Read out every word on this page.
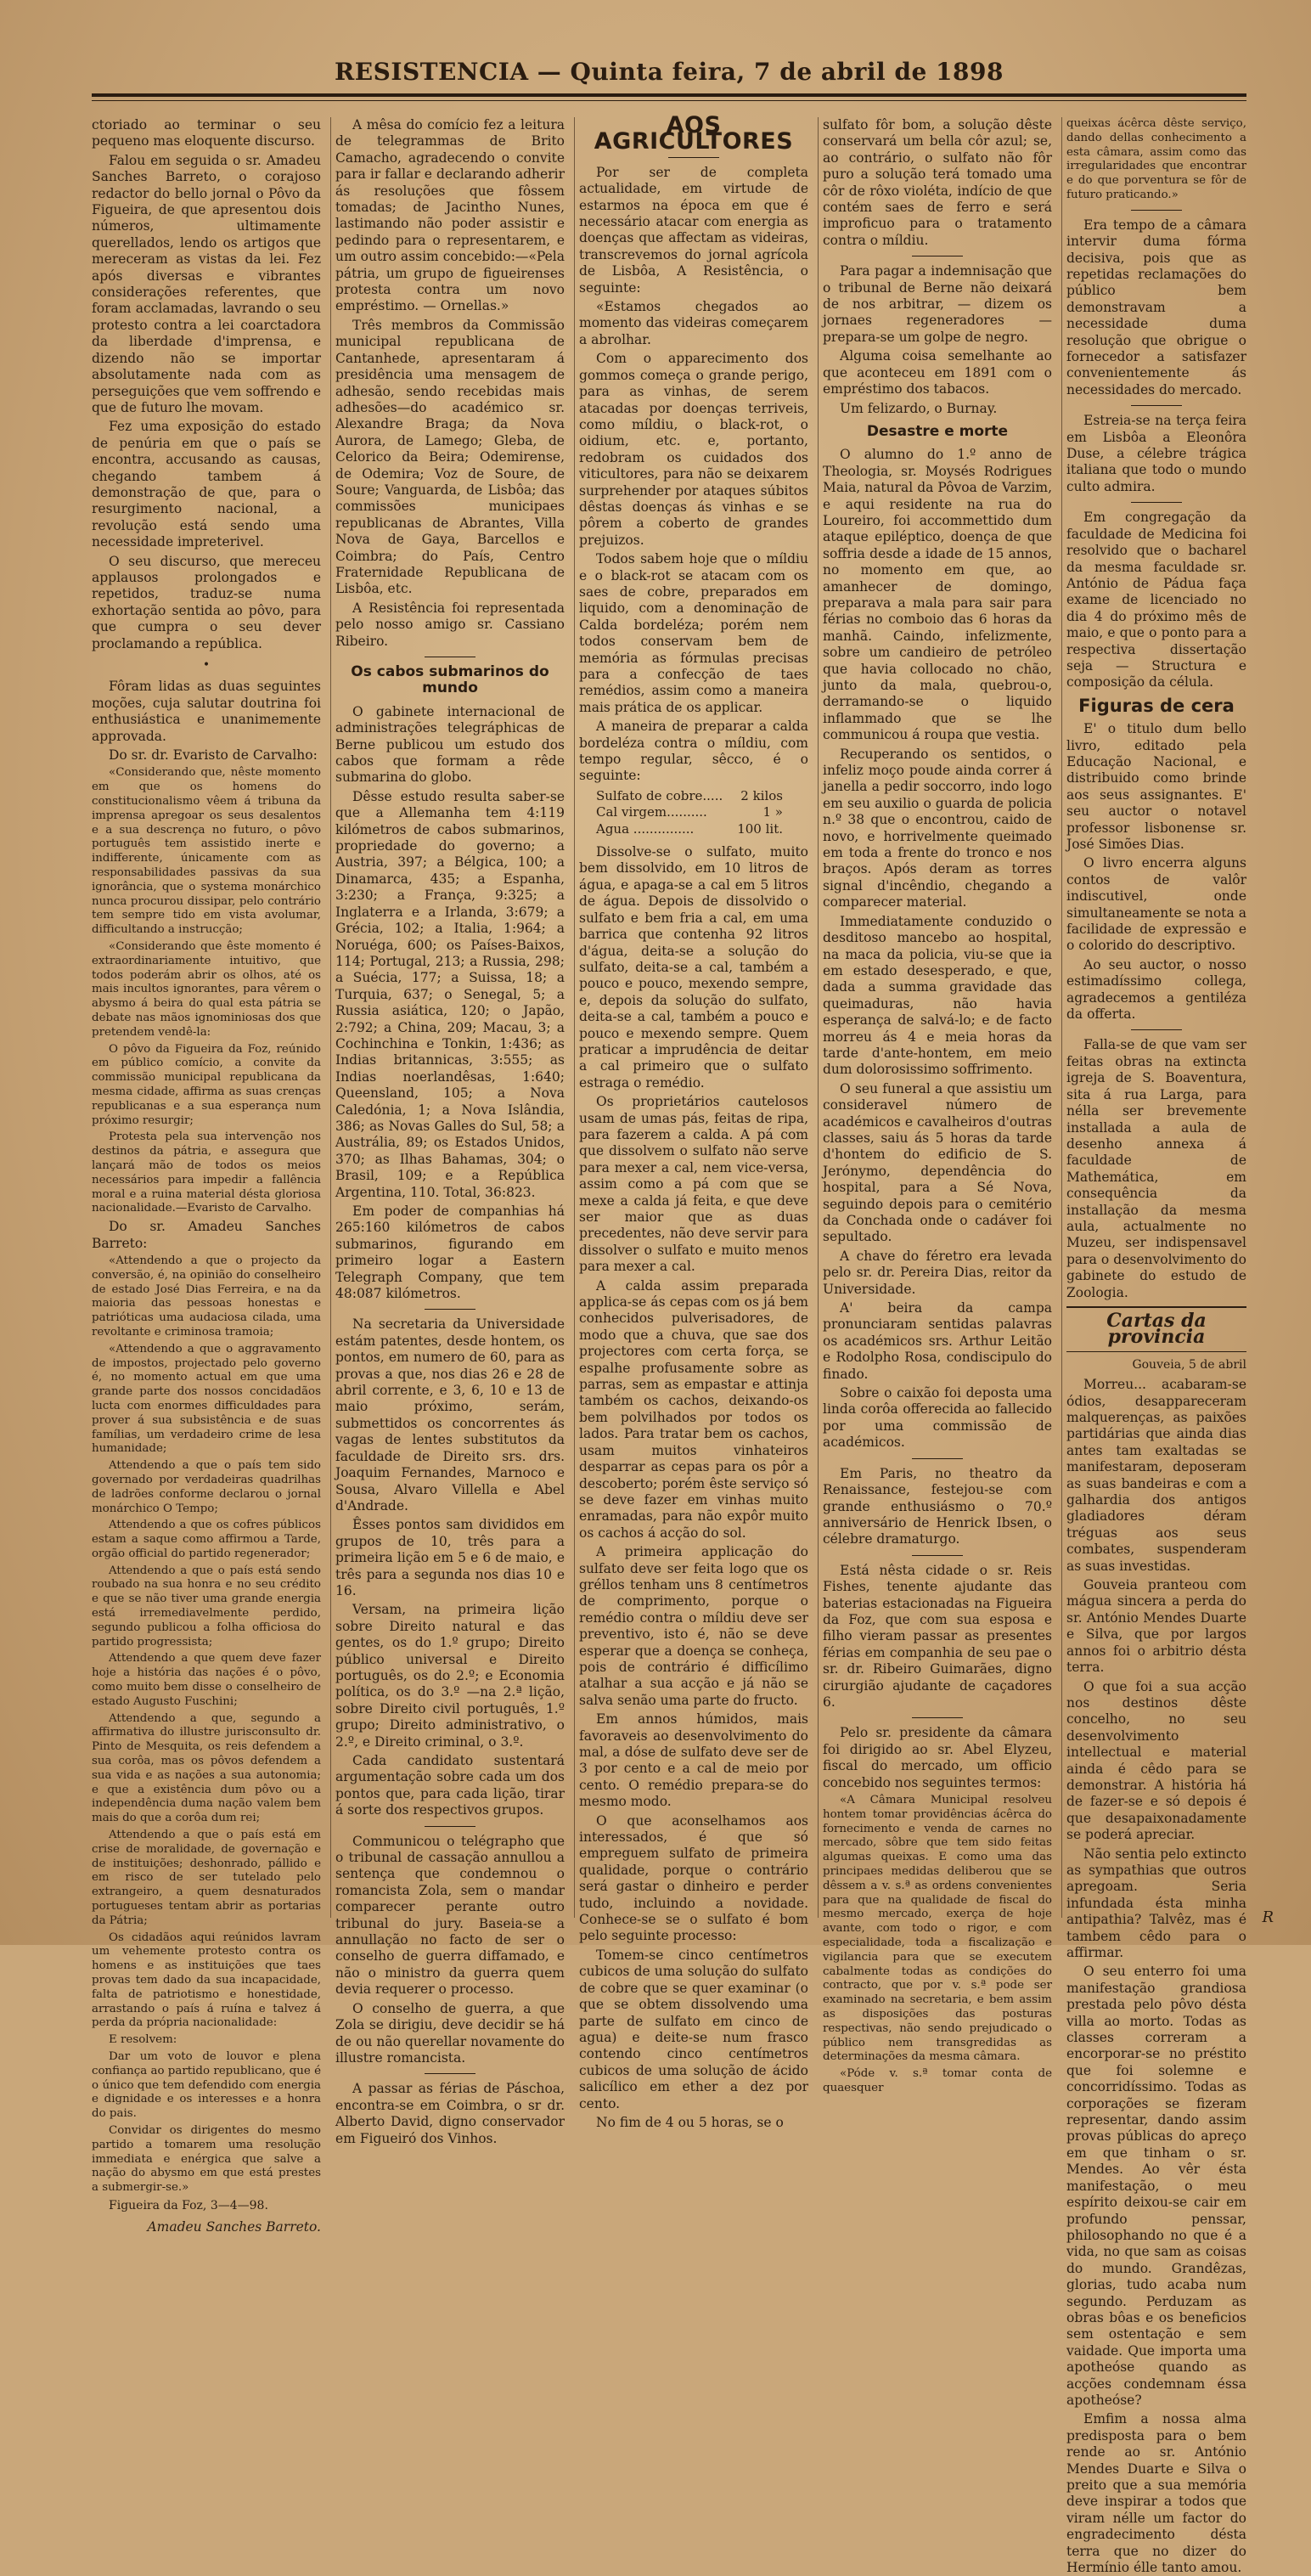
RESISTENCIA — Quinta feira, 7 de abril de 1898

ctoriado ao terminar o seu pequeno mas eloquente discurso.

Falou em seguida o sr. Amadeu Sanches Barreto, o corajoso redactor do bello jornal o Pôvo da Figueira, de que apresentou dois números, ultimamente querellados, lendo os artigos que mereceram as vistas da lei. Fez após diversas e vibrantes considerações referentes, que foram acclamadas, lavrando o seu protesto contra a lei coarctadora da liberdade d'imprensa, e dizendo não se importar absolutamente nada com as perseguições que vem soffrendo e que de futuro lhe movam.

Fez uma exposição do estado de penúria em que o país se encontra, accusando as causas, chegando tambem á demonstração de que, para o resurgimento nacional, a revolução está sendo uma necessidade impreterivel.

O seu discurso, que mereceu applausos prolongados e repetidos, traduz-se numa exhortação sentida ao pôvo, para que cumpra o seu dever proclamando a república.

•

Fôram lidas as duas seguintes moções, cuja salutar doutrina foi enthusiástica e unanimemente approvada.

Do sr. dr. Evaristo de Carvalho:

«Considerando que, nêste momento em que os homens do constitucionalismo vêem á tribuna da imprensa apregoar os seus desalentos e a sua descrença no futuro, o pôvo português tem assistido inerte e indifferente, únicamente com as responsabilidades passivas da sua ignorância, que o systema monárchico nunca procurou dissipar, pelo contrário tem sempre tido em vista avolumar, difficultando a instrucção;

«Considerando que êste momento é extraordinariamente intuitivo, que todos poderám abrir os olhos, até os mais incultos ignorantes, para vêrem o abysmo á beira do qual esta pátria se debate nas mãos ignominiosas dos que pretendem vendê-la:

O pôvo da Figueira da Foz, reúnido em público comício, a convite da commissão municipal republicana da mesma cidade, affirma as suas crenças republicanas e a sua esperança num próximo resurgir;

Protesta pela sua intervenção nos destinos da pátria, e assegura que lançará mão de todos os meios necessários para impedir a fallência moral e a ruina material désta gloriosa nacionalidade.—Evaristo de Carvalho.

Do sr. Amadeu Sanches Barreto:

«Attendendo a que o projecto da conversão, é, na opinião do conselheiro de estado José Dias Ferreira, e na da maioria das pessoas honestas e patrióticas uma audaciosa cilada, uma revoltante e criminosa tramoia;

«Attendendo a que o aggravamento de impostos, projectado pelo governo é, no momento actual em que uma grande parte dos nossos concidadãos lucta com enormes difficuldades para prover á sua subsistência e de suas famílias, um verdadeiro crime de lesa humanidade;

Attendendo a que o país tem sido governado por verdadeiras quadrilhas de ladrões conforme declarou o jornal monárchico O Tempo;

Attendendo a que os cofres públicos estam a saque como affirmou a Tarde, orgão official do partido regenerador;

Attendendo a que o país está sendo roubado na sua honra e no seu crédito e que se não tiver uma grande energia está irremediavelmente perdido, segundo publicou a folha officiosa do partido progressista;

Attendendo a que quem deve fazer hoje a história das nações é o pôvo, como muito bem disse o conselheiro de estado Augusto Fuschini;

Attendendo a que, segundo a affirmativa do illustre jurisconsulto dr. Pinto de Mesquita, os reis defendem a sua corôa, mas os pôvos defendem a sua vida e as nações a sua autonomia; e que a existência dum pôvo ou a independência duma nação valem bem mais do que a corôa dum rei;

Attendendo a que o país está em crise de moralidade, de governação e de instituições; deshonrado, pállido e em risco de ser tutelado pelo extrangeiro, a quem desnaturados portugueses tentam abrir as portarias da Pátria;

Os cidadãos aqui reúnidos lavram um vehemente protesto contra os homens e as instituições que taes provas tem dado da sua incapacidade, falta de patriotismo e honestidade, arrastando o país á ruína e talvez á perda da própria nacionalidade:

E resolvem:

Dar um voto de louvor e plena confiança ao partido republicano, que é o único que tem defendido com energia e dignidade e os interesses e a honra do pais.

Convidar os dirigentes do mesmo partido a tomarem uma resolução immediata e enérgica que salve a nação do abysmo em que está prestes a submergir-se.»

Figueira da Foz, 3—4—98.

Amadeu Sanches Barreto.

A mêsa do comício fez a leitura de telegrammas de Brito Camacho, agradecendo o convite para ir fallar e declarando adherir ás resoluções que fôssem tomadas; de Jacintho Nunes, lastimando não poder assistir e pedindo para o representarem, e um outro assim concebido:—«Pela pátria, um grupo de figueirenses protesta contra um novo empréstimo. — Ornellas.»

Três membros da Commissão municipal republicana de Cantanhede, apresentaram á presidência uma mensagem de adhesão, sendo recebidas mais adhesões—do académico sr. Alexandre Braga; da Nova Aurora, de Lamego; Gleba, de Celorico da Beira; Odemirense, de Odemira; Voz de Soure, de Soure; Vanguarda, de Lisbôa; das commissões municipaes republicanas de Abrantes, Villa Nova de Gaya, Barcellos e Coimbra; do País, Centro Fraternidade Republicana de Lisbôa, etc.

A Resistência foi representada pelo nosso amigo sr. Cassiano Ribeiro.

Os cabos submarinos do mundo

O gabinete internacional de administrações telegráphicas de Berne publicou um estudo dos cabos que formam a rêde submarina do globo.

Dêsse estudo resulta saber-se que a Allemanha tem 4:119 kilómetros de cabos submarinos, propriedade do governo; a Austria, 397; a Bélgica, 100; a Dinamarca, 435; a Espanha, 3:230; a França, 9:325; a Inglaterra e a Irlanda, 3:679; a Grécia, 102; a Italia, 1:964; a Noruéga, 600; os Países-Baixos, 114; Portugal, 213; a Russia, 298; a Suécia, 177; a Suissa, 18; a Turquia, 637; o Senegal, 5; a Russia asiática, 120; o Japão, 2:792; a China, 209; Macau, 3; a Cochinchina e Tonkin, 1:436; as Indias britannicas, 3:555; as Indias noerlandêsas, 1:640; Queensland, 105; a Nova Caledónia, 1; a Nova Islândia, 386; as Novas Galles do Sul, 58; a Austrália, 89; os Estados Unidos, 370; as Ilhas Bahamas, 304; o Brasil, 109; e a República Argentina, 110. Total, 36:823.

Em poder de companhias há 265:160 kilómetros de cabos submarinos, figurando em primeiro logar a Eastern Telegraph Company, que tem 48:087 kilómetros.

Na secretaria da Universidade estám patentes, desde hontem, os pontos, em numero de 60, para as provas a que, nos dias 26 e 28 de abril corrente, e 3, 6, 10 e 13 de maio próximo, serám, submettidos os concorrentes ás vagas de lentes substitutos da faculdade de Direito srs. drs. Joaquim Fernandes, Marnoco e Sousa, Alvaro Villella e Abel d'Andrade.

Êsses pontos sam divididos em grupos de 10, três para a primeira lição em 5 e 6 de maio, e três para a segunda nos dias 10 e 16.

Versam, na primeira lição sobre Direito natural e das gentes, os do 1.º grupo; Direito público universal e Direito português, os do 2.º; e Economia política, os do 3.º —na 2.ª lição, sobre Direito civil português, 1.º grupo; Direito administrativo, o 2.º, e Direito criminal, o 3.º.

Cada candidato sustentará argumentação sobre cada um dos pontos que, para cada lição, tirar á sorte dos respectivos grupos.

Communicou o telégrapho que o tribunal de cassação annullou a sentença que condemnou o romancista Zola, sem o mandar comparecer perante outro tribunal do jury. Baseia-se a annullação no facto de ser o conselho de guerra diffamado, e não o ministro da guerra quem devia requerer o processo.

O conselho de guerra, a que Zola se dirigiu, deve decidir se há de ou não querellar novamente do illustre romancista.

A passar as férias de Páschoa, encontra-se em Coimbra, o sr dr. Alberto David, digno conservador em Figueiró dos Vinhos.

AOS AGRICULTORES

Por ser de completa actualidade, em virtude de estarmos na época em que é necessário atacar com energia as doenças que affectam as videiras, transcrevemos do jornal agrícola de Lisbôa, A Resistência, o seguinte:

«Estamos chegados ao momento das videiras começarem a abrolhar.

Com o apparecimento dos gommos começa o grande perigo, para as vinhas, de serem atacadas por doenças terriveis, como míldiu, o black-rot, o oidium, etc. e, portanto, redobram os cuidados dos viticultores, para não se deixarem surprehender por ataques súbitos dêstas doenças ás vinhas e se pôrem a coberto de grandes prejuizos.

Todos sabem hoje que o míldiu e o black-rot se atacam com os saes de cobre, preparados em liquido, com a denominação de Calda bordeléza; porém nem todos conservam bem de memória as fórmulas precisas para a confecção de taes remédios, assim como a maneira mais prática de os applicar.

A maneira de preparar a calda bordeléza contra o míldiu, com tempo regular, sêcco, é o seguinte:

Sulfato de cobre..... 2 kilos
Cal virgem..........	1 »
Agua ...............	100 lit.

Dissolve-se o sulfato, muito bem dissolvido, em 10 litros de água, e apaga-se a cal em 5 litros de água. Depois de dissolvido o sulfato e bem fria a cal, em uma barrica que contenha 92 litros d'água, deita-se a solução do sulfato, deita-se a cal, também a pouco e pouco, mexendo sempre, e, depois da solução do sulfato, deita-se a cal, também a pouco e pouco e mexendo sempre. Quem praticar a imprudência de deitar a cal primeiro que o sulfato estraga o remédio.

Os proprietários cautelosos usam de umas pás, feitas de ripa, para fazerem a calda. A pá com que dissolvem o sulfato não serve para mexer a cal, nem vice-versa, assim como a pá com que se mexe a calda já feita, e que deve ser maior que as duas precedentes, não deve servir para dissolver o sulfato e muito menos para mexer a cal.

A calda assim preparada applica-se ás cepas com os já bem conhecidos pulverisadores, de modo que a chuva, que sae dos projectores com certa força, se espalhe profusamente sobre as parras, sem as empastar e attinja também os cachos, deixando-os bem polvilhados por todos os lados. Para tratar bem os cachos, usam muitos vinhateiros desparrar as cepas para os pôr a descoberto; porém êste serviço só se deve fazer em vinhas muito enramadas, para não expôr muito os cachos á acção do sol.

A primeira applicação do sulfato deve ser feita logo que os gréllos tenham uns 8 centímetros de comprimento, porque o remédio contra o míldiu deve ser preventivo, isto é, não se deve esperar que a doença se conheça, pois de contrário é difficílimo atalhar a sua acção e já não se salva senão uma parte do fructo.

Em annos húmidos, mais favoraveis ao desenvolvimento do mal, a dóse de sulfato deve ser de 3 por cento e a cal de meio por cento. O remédio prepara-se do mesmo modo.

O que aconselhamos aos interessados, é que só empreguem sulfato de primeira qualidade, porque o contrário será gastar o dinheiro e perder tudo, incluindo a novidade. Conhece-se se o sulfato é bom pelo seguinte processo:

Tomem-se cinco centímetros cubicos de uma solução do sulfato de cobre que se quer examinar (o que se obtem dissolvendo uma parte de sulfato em cinco de agua) e deite-se num frasco contendo cinco centímetros cubicos de uma solução de ácido salicílico em ether a dez por cento.

No fim de 4 ou 5 horas, se o

sulfato fôr bom, a solução dêste conservará um bella côr azul; se, ao contrário, o sulfato não fôr puro a solução terá tomado uma côr de rôxo violéta, indício de que contém saes de ferro e será improficuo para o tratamento contra o míldiu.

Para pagar a indemnisação que o tribunal de Berne não deixará de nos arbitrar, — dizem os jornaes regeneradores — prepara-se um golpe de negro.

Alguma coisa semelhante ao que aconteceu em 1891 com o empréstimo dos tabacos.

Um felizardo, o Burnay.

Desastre e morte

O alumno do 1.º anno de Theologia, sr. Moysés Rodrigues Maia, natural da Pôvoa de Varzim, e aqui residente na rua do Loureiro, foi accommettido dum ataque epiléptico, doença de que soffria desde a idade de 15 annos, no momento em que, ao amanhecer de domingo, preparava a mala para sair para férias no comboio das 6 horas da manhã. Caindo, infelizmente, sobre um candieiro de petróleo que havia collocado no chão, junto da mala, quebrou-o, derramando-se o liquido inflammado que se lhe communicou á roupa que vestia.

Recuperando os sentidos, o infeliz moço poude ainda correr á janella a pedir soccorro, indo logo em seu auxilio o guarda de policia n.º 38 que o encontrou, caido de novo, e horrivelmente queimado em toda a frente do tronco e nos braços. Após deram as torres signal d'incêndio, chegando a comparecer material.

Immediatamente conduzido o desditoso mancebo ao hospital, na maca da policia, viu-se que ia em estado desesperado, e que, dada a summa gravidade das queimaduras, não havia esperança de salvá-lo; e de facto morreu ás 4 e meia horas da tarde d'ante-hontem, em meio dum dolorosissimo soffrimento.

O seu funeral a que assistiu um consideravel número de académicos e cavalheiros d'outras classes, saiu ás 5 horas da tarde d'hontem do edificio de S. Jerónymo, dependência do hospital, para a Sé Nova, seguindo depois para o cemitério da Conchada onde o cadáver foi sepultado.

A chave do féretro era levada pelo sr. dr. Pereira Dias, reitor da Universidade.

A' beira da campa pronunciaram sentidas palavras os académicos srs. Arthur Leitão e Rodolpho Rosa, condiscipulo do finado.

Sobre o caixão foi deposta uma linda corôa offerecida ao fallecido por uma commissão de académicos.

Em Paris, no theatro da Renaissance, festejou-se com grande enthusiásmo o 70.º anniversário de Henrick Ibsen, o célebre dramaturgo.

Está nêsta cidade o sr. Reis Fishes, tenente ajudante das baterias estacionadas na Figueira da Foz, que com sua esposa e filho vieram passar as presentes férias em companhia de seu pae o sr. dr. Ribeiro Guimarães, digno cirurgião ajudante de caçadores 6.

Pelo sr. presidente da câmara foi dirigido ao sr. Abel Elyzeu, fiscal do mercado, um officio concebido nos seguintes termos:

«A Câmara Municipal resolveu hontem tomar providências ácêrca do fornecimento e venda de carnes no mercado, sôbre que tem sido feitas algumas queixas. E como uma das principaes medidas deliberou que se dêssem a v. s.ª as ordens convenientes para que na qualidade de fiscal do mesmo mercado, exerça de hoje avante, com todo o rigor, e com especialidade, toda a fiscalização e vigilancia para que se executem cabalmente todas as condições do contracto, que por v. s.ª pode ser examinado na secretaria, e bem assim as disposições das posturas respectivas, não sendo prejudicado o público nem transgredidas as determinações da mesma câmara.

«Póde v. s.ª tomar conta de quaesquer

queixas ácêrca dêste serviço, dando dellas conhecimento a esta câmara, assim como das irregularidades que encontrar e do que porventura se fôr de futuro praticando.»

Era tempo de a câmara intervir duma fórma decisiva, pois que as repetidas reclamações do público bem demonstravam a necessidade duma resolução que obrigue o fornecedor a satisfazer convenientemente ás necessidades do mercado.

Estreia-se na terça feira em Lisbôa a Eleonôra Duse, a célebre trágica italiana que todo o mundo culto admira.

Em congregação da faculdade de Medicina foi resolvido que o bacharel da mesma faculdade sr. António de Pádua faça exame de licenciado no dia 4 do próximo mês de maio, e que o ponto para a respectiva dissertação seja — Structura e composição da célula.

Figuras de cera

E' o titulo dum bello livro, editado pela Educação Nacional, e distribuido como brinde aos seus assignantes. E' seu auctor o notavel professor lisbonense sr. José Simões Dias.

O livro encerra alguns contos de valôr indiscutivel, onde simultaneamente se nota a facilidade de expressão e o colorido do descriptivo.

Ao seu auctor, o nosso estimadíssimo collega, agradecemos a gentiléza da offerta.

Falla-se de que vam ser feitas obras na extincta igreja de S. Boaventura, sita á rua Larga, para nélla ser brevemente installada a aula de desenho annexa á faculdade de Mathemática, em consequência da installação da mesma aula, actualmente no Muzeu, ser indispensavel para o desenvolvimento do gabinete do estudo de Zoologia.

Cartas da provincia
Gouveia, 5 de abril

Morreu... acabaram-se ódios, desappareceram malquerenças, as paixões partidárias que ainda dias antes tam exaltadas se manifestaram, deposeram as suas bandeiras e com a galhardia dos antigos gladiadores déram tréguas aos seus combates, suspenderam as suas investidas.

Gouveia pranteou com mágua sincera a perda do sr. António Mendes Duarte e Silva, que por largos annos foi o arbitrio désta terra.

O que foi a sua acção nos destinos dêste concelho, no seu desenvolvimento intellectual e material ainda é cêdo para se demonstrar. A história há de fazer-se e só depois é que desapaixonadamente se poderá apreciar.

Não sentia pelo extincto as sympathias que outros apregoam. Seria infundada ésta minha antipathia? Talvêz, mas é tambem cêdo para o affirmar.

O seu enterro foi uma manifestação grandiosa prestada pelo pôvo désta villa ao morto. Todas as classes correram a encorporar-se no préstito que foi solemne e concorridíssimo. Todas as corporações se fizeram representar, dando assim provas públicas do apreço em que tinham o sr. Mendes. Ao vêr ésta manifestação, o meu espírito deixou-se cair em profundo penssar, philosophando no que é a vida, no que sam as coisas do mundo. Grandêzas, glorias, tudo acaba num segundo. Perduzam as obras bôas e os beneficios sem ostentação e sem vaidade. Que importa uma apotheóse quando as acções condemnam éssa apotheóse?

Emfim a nossa alma predisposta para o bem rende ao sr. António Mendes Duarte e Silva o preito que a sua memória deve inspirar a todos que viram nélle um factor do engradecimento désta terra que no dizer do Hermínio élle tanto amou.

R
